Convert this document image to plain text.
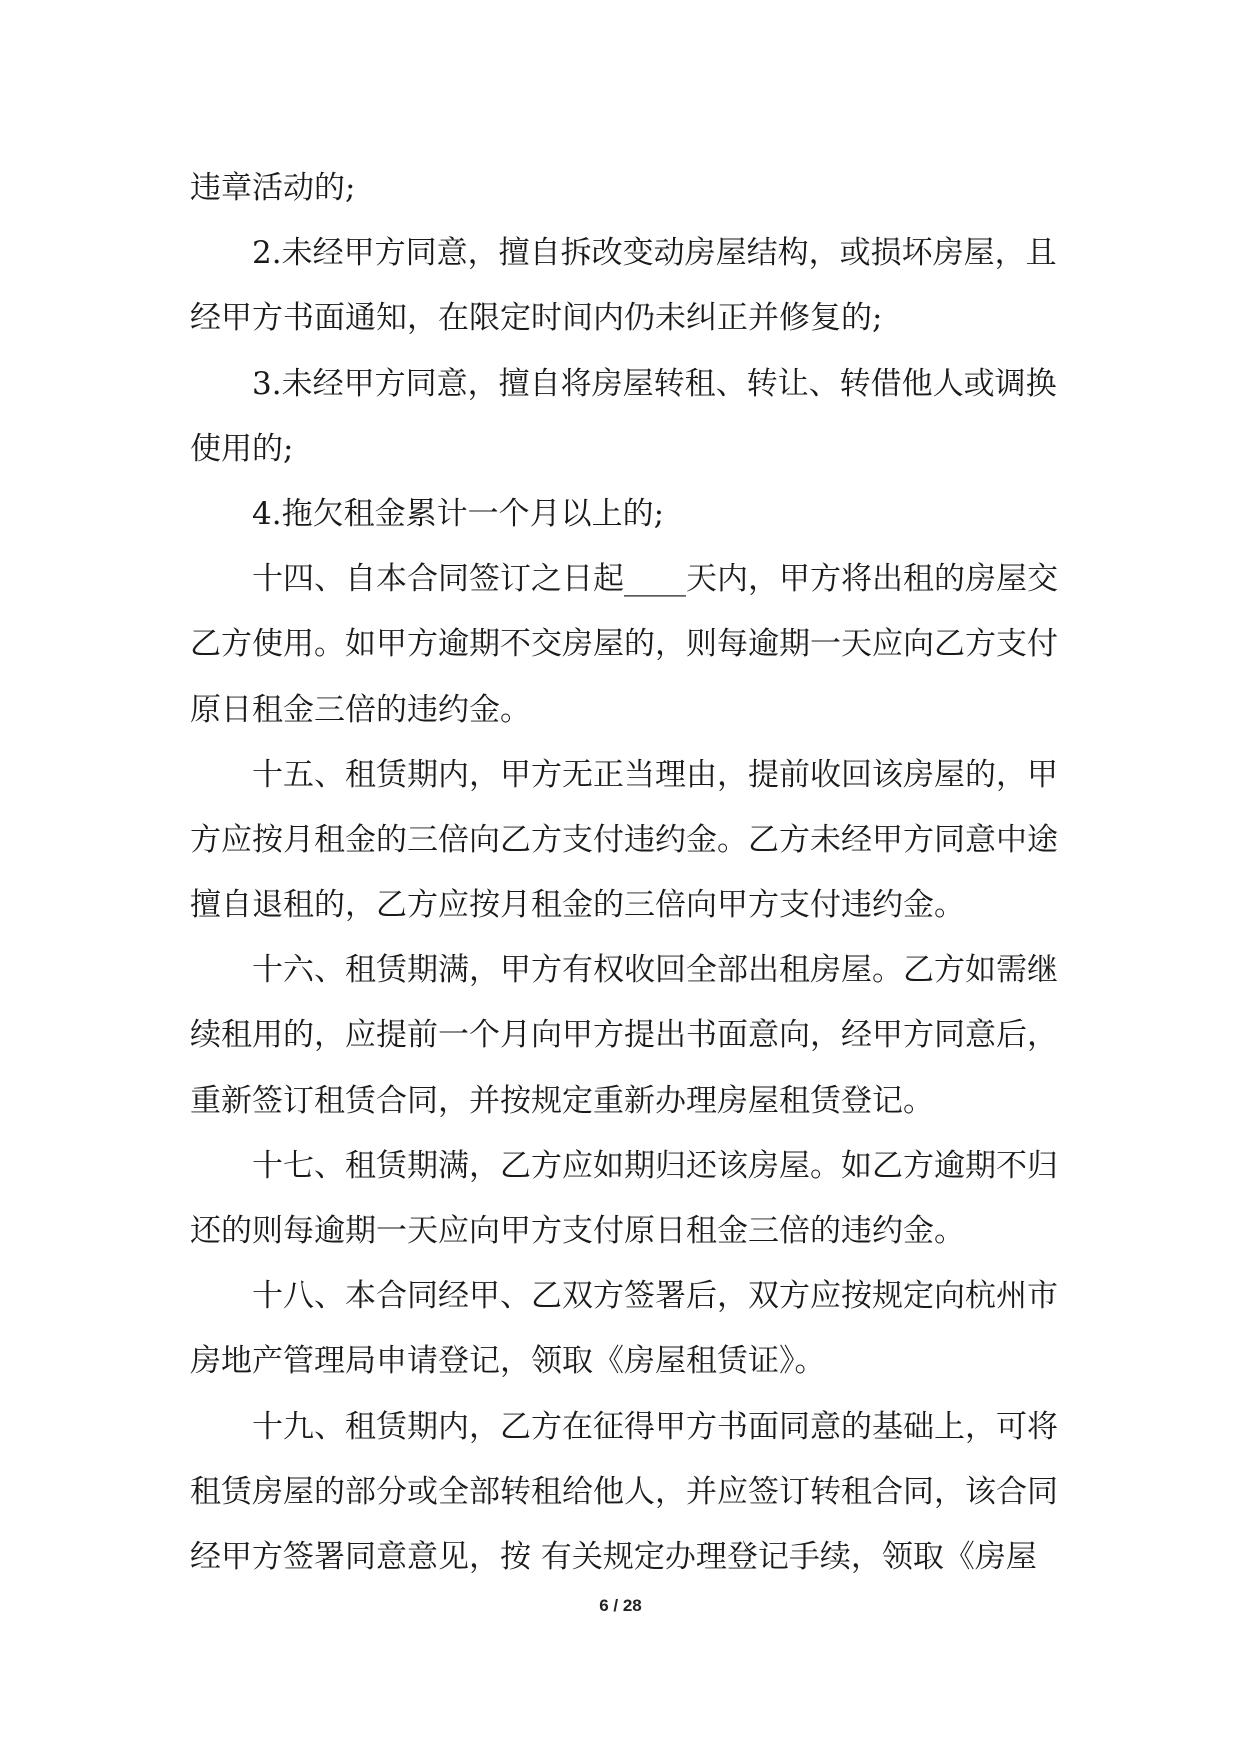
违章活动的;
2.未经甲方同意，擅自拆改变动房屋结构，或损坏房屋，且
经甲方书面通知，在限定时间内仍未纠正并修复的;
3.未经甲方同意，擅自将房屋转租、转让、转借他人或调换
使用的;
4.拖欠租金累计一个月以上的;
十四、自本合同签订之日起____天内，甲方将出租的房屋交
乙方使用。如甲方逾期不交房屋的，则每逾期一天应向乙方支付
原日租金三倍的违约金。
十五、租赁期内，甲方无正当理由，提前收回该房屋的，甲
方应按月租金的三倍向乙方支付违约金。乙方未经甲方同意中途
擅自退租的，乙方应按月租金的三倍向甲方支付违约金。
十六、租赁期满，甲方有权收回全部出租房屋。乙方如需继
续租用的，应提前一个月向甲方提出书面意向，经甲方同意后，
重新签订租赁合同，并按规定重新办理房屋租赁登记。
十七、租赁期满，乙方应如期归还该房屋。如乙方逾期不归
还的则每逾期一天应向甲方支付原日租金三倍的违约金。
十八、本合同经甲、乙双方签署后，双方应按规定向杭州市
房地产管理局申请登记，领取《房屋租赁证》。
十九、租赁期内，乙方在征得甲方书面同意的基础上，可将
租赁房屋的部分或全部转租给他人，并应签订转租合同，该合同
经甲方签署同意意见，按 有关规定办理登记手续，领取《房屋
6 / 28
